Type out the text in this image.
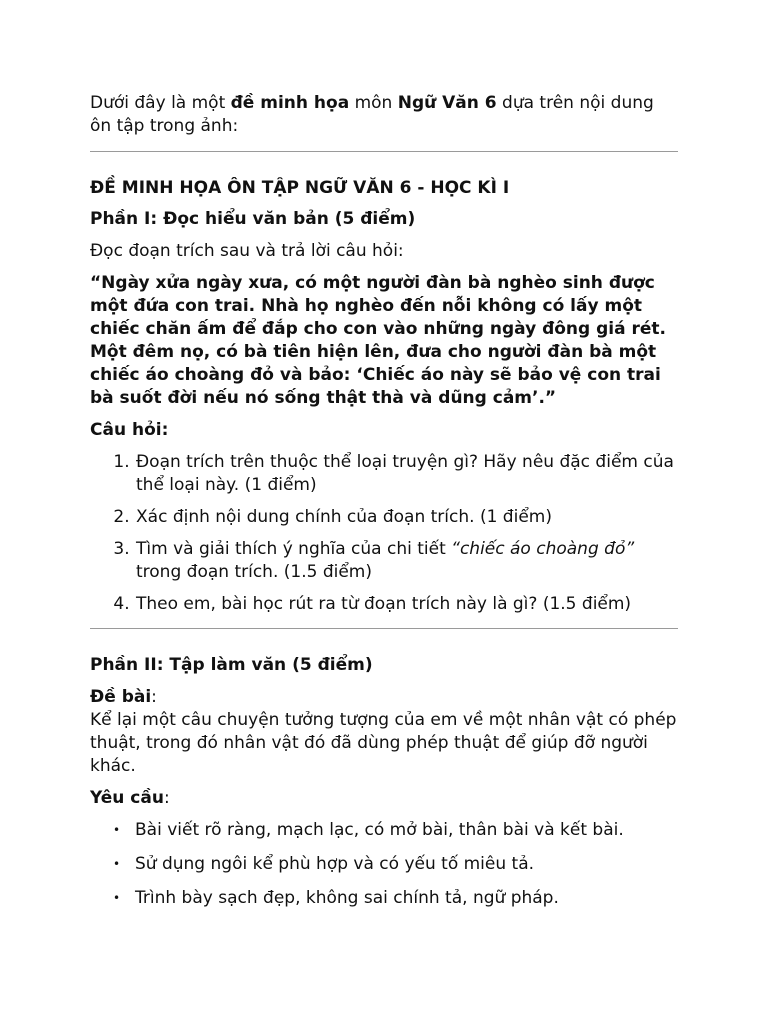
Dưới đây là một đề minh họa môn Ngữ Văn 6 dựa trên nội dung ôn tập trong ảnh:

ĐỀ MINH HỌA ÔN TẬP NGỮ VĂN 6 - HỌC KÌ I

Phần I: Đọc hiểu văn bản (5 điểm)

Đọc đoạn trích sau và trả lời câu hỏi:

“Ngày xửa ngày xưa, có một người đàn bà nghèo sinh được một đứa con trai. Nhà họ nghèo đến nỗi không có lấy một chiếc chăn ấm để đắp cho con vào những ngày đông giá rét. Một đêm nọ, có bà tiên hiện lên, đưa cho người đàn bà một chiếc áo choàng đỏ và bảo: ‘Chiếc áo này sẽ bảo vệ con trai bà suốt đời nếu nó sống thật thà và dũng cảm’.”

Câu hỏi:

1. Đoạn trích trên thuộc thể loại truyện gì? Hãy nêu đặc điểm của thể loại này. (1 điểm)
2. Xác định nội dung chính của đoạn trích. (1 điểm)
3. Tìm và giải thích ý nghĩa của chi tiết “chiếc áo choàng đỏ” trong đoạn trích. (1.5 điểm)
4. Theo em, bài học rút ra từ đoạn trích này là gì? (1.5 điểm)

Phần II: Tập làm văn (5 điểm)

Đề bài:

Kể lại một câu chuyện tưởng tượng của em về một nhân vật có phép thuật, trong đó nhân vật đó đã dùng phép thuật để giúp đỡ người khác.

Yêu cầu:

• Bài viết rõ ràng, mạch lạc, có mở bài, thân bài và kết bài.
• Sử dụng ngôi kể phù hợp và có yếu tố miêu tả.
• Trình bày sạch đẹp, không sai chính tả, ngữ pháp.
